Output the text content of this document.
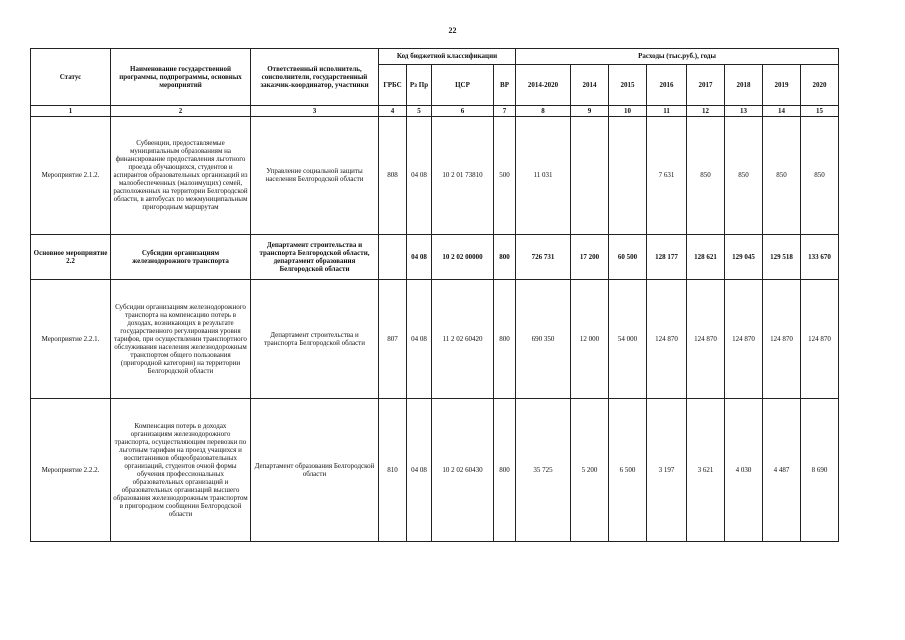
22
Статус	Наименование государственной программы, подпрограммы, основных мероприятий	Ответственный исполнитель, соисполнители, государственный заказчик-координатор, участники	Код бюджетной классификации				Расходы (тыс.руб.), годы							
			ГРБС	Рз Пр	ЦСР	ВР	2014-2020	2014	2015	2016	2017	2018	2019	2020
1	2	3	4	5	6	7	8	9	10	11	12	13	14	15
Мероприятие 2.1.2.	Субвенции, предоставляемые муниципальным образованиям на финансирование предоставления льготного проезда обучающихся, студентов и аспирантов образовательных организаций из малообеспеченных (малоимущих) семей, расположенных на территории Белгородской области, в автобусах по межмуниципальным пригородным маршрутам	Управление социальной защиты населения Белгородской области	808	04 08	10 2 01 73810	500	11 031			7 631	850	850	850	850
Основное мероприятие 2.2	Субсидии организациям железнодорожного транспорта	Департамент строительства и транспорта Белгородской области, департамент образования Белгородской области		04 08	10 2 02 00000	800	726 731	17 200	60 500	128 177	128 621	129 045	129 518	133 670
Мероприятие 2.2.1.	Субсидии организациям железнодорожного транспорта на компенсацию потерь в доходах, возникающих в результате государственного регулирования уровня тарифов, при осуществлении транспортного обслуживания населения железнодорожным транспортом общего пользования (пригородной категории) на территории Белгородской области	Департамент строительства и транспорта Белгородской области	807	04 08	11 2 02 60420	800	690 350	12 000	54 000	124 870	124 870	124 870	124 870	124 870
Мероприятие 2.2.2.	Компенсация потерь в доходах организациям железнодорожного транспорта, осуществляющим перевозки по льготным тарифам на проезд учащихся и воспитанников общеобразовательных организаций, студентов очной формы обучения профессиональных образовательных организаций и образовательных организаций высшего образования железнодорожным транспортом в пригородном сообщении Белгородской области	Департамент образования Белгородской области	810	04 08	10 2 02 60430	800	35 725	5 200	6 500	3 197	3 621	4 030	4 487	8 690
